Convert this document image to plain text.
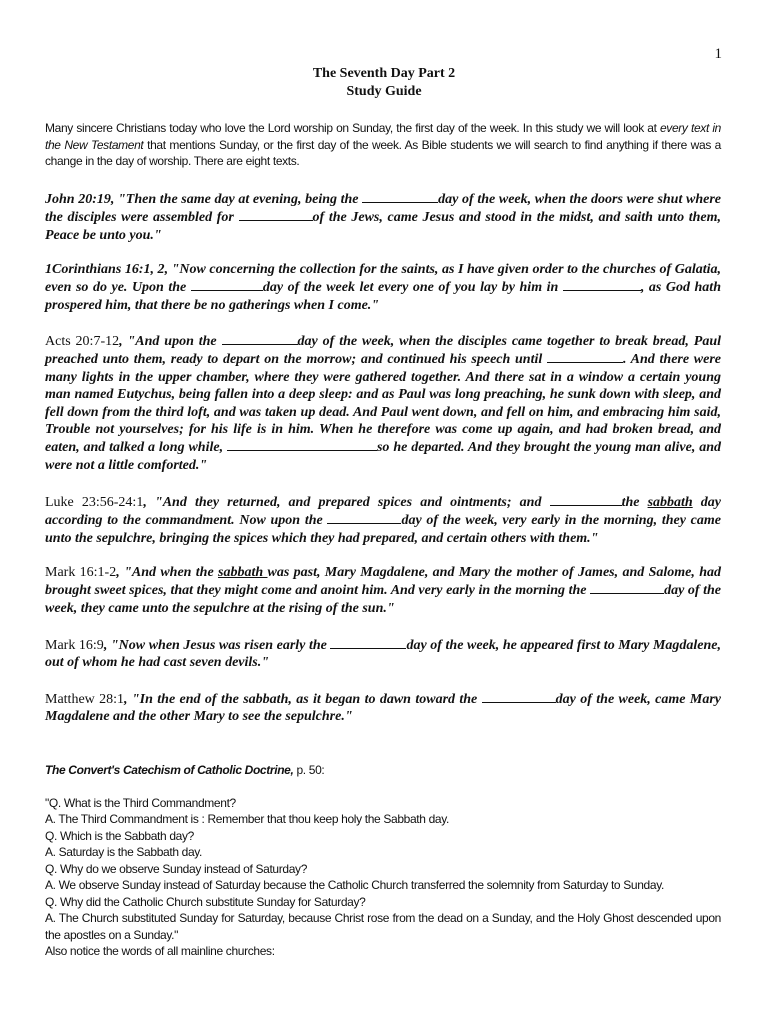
1
The Seventh Day Part 2
Study Guide

Many sincere Christians today who love the Lord worship on Sunday, the first day of the week. In this study we will look at every text in the New Testament that mentions Sunday, or the first day of the week. As Bible students we will search to find anything if there was a change in the day of worship. There are eight texts.

John 20:19, "Then the same day at evening, being the	day of the week, when the doors were shut where the disciples were assembled for	of the Jews, came Jesus and stood in the midst, and saith unto them, Peace be unto you."

1Corinthians 16:1, 2, "Now concerning the collection for the saints, as I have given order to the churches of Galatia, even so do ye. Upon the	day of the week let every one of you lay by him in	, as God hath prospered him, that there be no gatherings when I come."

Acts 20:7-12, "And upon the	day of the week, when the disciples came together to break bread, Paul preached unto them, ready to depart on the morrow; and continued his speech until	. And there were many lights in the upper chamber, where they were gathered together. And there sat in a window a certain young man named Eutychus, being fallen into a deep sleep: and as Paul was long preaching, he sunk down with sleep, and fell down from the third loft, and was taken up dead. And Paul went down, and fell on him, and embracing him said, Trouble not yourselves; for his life is in him. When he therefore was come up again, and had broken bread, and eaten, and talked a long while,	so he departed. And they brought the young man alive, and were not a little comforted."

Luke 23:56-24:1, "And they returned, and prepared spices and ointments; and	the sabbath day according to the commandment. Now upon the	day of the week, very early in the morning, they came unto the sepulchre, bringing the spices which they had prepared, and certain others with them."

Mark 16:1-2, "And when the sabbath was past, Mary Magdalene, and Mary the mother of James, and Salome, had brought sweet spices, that they might come and anoint him. And very early in the morning the	day of the week, they came unto the sepulchre at the rising of the sun."

Mark 16:9, "Now when Jesus was risen early the	day of the week, he appeared first to Mary Magdalene, out of whom he had cast seven devils."

Matthew 28:1, "In the end of the sabbath, as it began to dawn toward the	day of the week, came Mary Magdalene and the other Mary to see the sepulchre."

The Convert's Catechism of Catholic Doctrine, p. 50:
"Q. What is the Third Commandment?
A. The Third Commandment is : Remember that thou keep holy the Sabbath day.
Q. Which is the Sabbath day?
A. Saturday is the Sabbath day.
Q. Why do we observe Sunday instead of Saturday?
A. We observe Sunday instead of Saturday because the Catholic Church transferred the solemnity from Saturday to Sunday.
Q. Why did the Catholic Church substitute Sunday for Saturday?
A. The Church substituted Sunday for Saturday, because Christ rose from the dead on a Sunday, and the Holy Ghost descended upon the apostles on a Sunday."
Also notice the words of all mainline churches:
